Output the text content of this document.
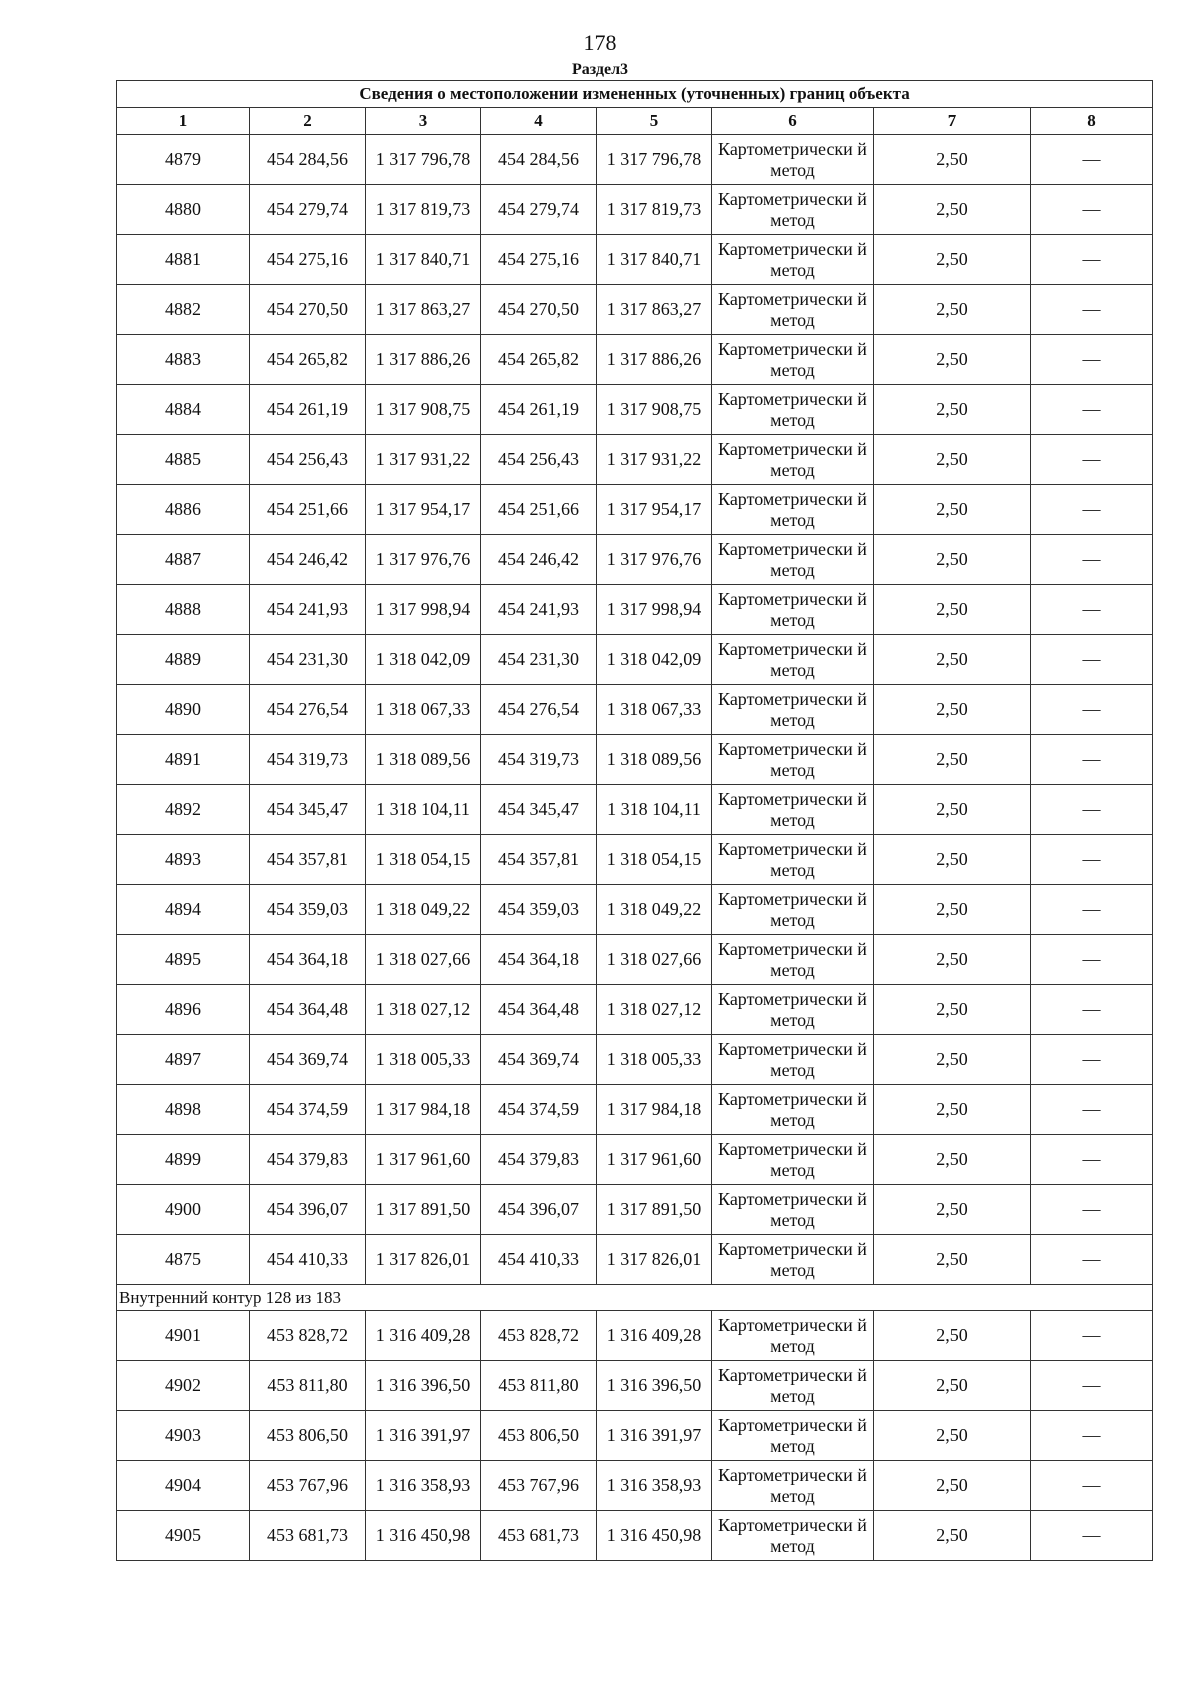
178
Раздел3
Сведения о местоположении измененных (уточненных) границ объекта							
1	2	3	4	5	6	7	8
4879	454 284,56	1 317 796,78	454 284,56	1 317 796,78	Картометрически й метод	2,50	—
4880	454 279,74	1 317 819,73	454 279,74	1 317 819,73	Картометрически й метод	2,50	—
4881	454 275,16	1 317 840,71	454 275,16	1 317 840,71	Картометрически й метод	2,50	—
4882	454 270,50	1 317 863,27	454 270,50	1 317 863,27	Картометрически й метод	2,50	—
4883	454 265,82	1 317 886,26	454 265,82	1 317 886,26	Картометрически й метод	2,50	—
4884	454 261,19	1 317 908,75	454 261,19	1 317 908,75	Картометрически й метод	2,50	—
4885	454 256,43	1 317 931,22	454 256,43	1 317 931,22	Картометрически й метод	2,50	—
4886	454 251,66	1 317 954,17	454 251,66	1 317 954,17	Картометрически й метод	2,50	—
4887	454 246,42	1 317 976,76	454 246,42	1 317 976,76	Картометрически й метод	2,50	—
4888	454 241,93	1 317 998,94	454 241,93	1 317 998,94	Картометрически й метод	2,50	—
4889	454 231,30	1 318 042,09	454 231,30	1 318 042,09	Картометрически й метод	2,50	—
4890	454 276,54	1 318 067,33	454 276,54	1 318 067,33	Картометрически й метод	2,50	—
4891	454 319,73	1 318 089,56	454 319,73	1 318 089,56	Картометрически й метод	2,50	—
4892	454 345,47	1 318 104,11	454 345,47	1 318 104,11	Картометрически й метод	2,50	—
4893	454 357,81	1 318 054,15	454 357,81	1 318 054,15	Картометрически й метод	2,50	—
4894	454 359,03	1 318 049,22	454 359,03	1 318 049,22	Картометрически й метод	2,50	—
4895	454 364,18	1 318 027,66	454 364,18	1 318 027,66	Картометрически й метод	2,50	—
4896	454 364,48	1 318 027,12	454 364,48	1 318 027,12	Картометрически й метод	2,50	—
4897	454 369,74	1 318 005,33	454 369,74	1 318 005,33	Картометрически й метод	2,50	—
4898	454 374,59	1 317 984,18	454 374,59	1 317 984,18	Картометрически й метод	2,50	—
4899	454 379,83	1 317 961,60	454 379,83	1 317 961,60	Картометрически й метод	2,50	—
4900	454 396,07	1 317 891,50	454 396,07	1 317 891,50	Картометрически й метод	2,50	—
4875	454 410,33	1 317 826,01	454 410,33	1 317 826,01	Картометрически й метод	2,50	—
Внутренний контур 128 из 183							
4901	453 828,72	1 316 409,28	453 828,72	1 316 409,28	Картометрически й метод	2,50	—
4902	453 811,80	1 316 396,50	453 811,80	1 316 396,50	Картометрически й метод	2,50	—
4903	453 806,50	1 316 391,97	453 806,50	1 316 391,97	Картометрически й метод	2,50	—
4904	453 767,96	1 316 358,93	453 767,96	1 316 358,93	Картометрически й метод	2,50	—
4905	453 681,73	1 316 450,98	453 681,73	1 316 450,98	Картометрически й метод	2,50	—
